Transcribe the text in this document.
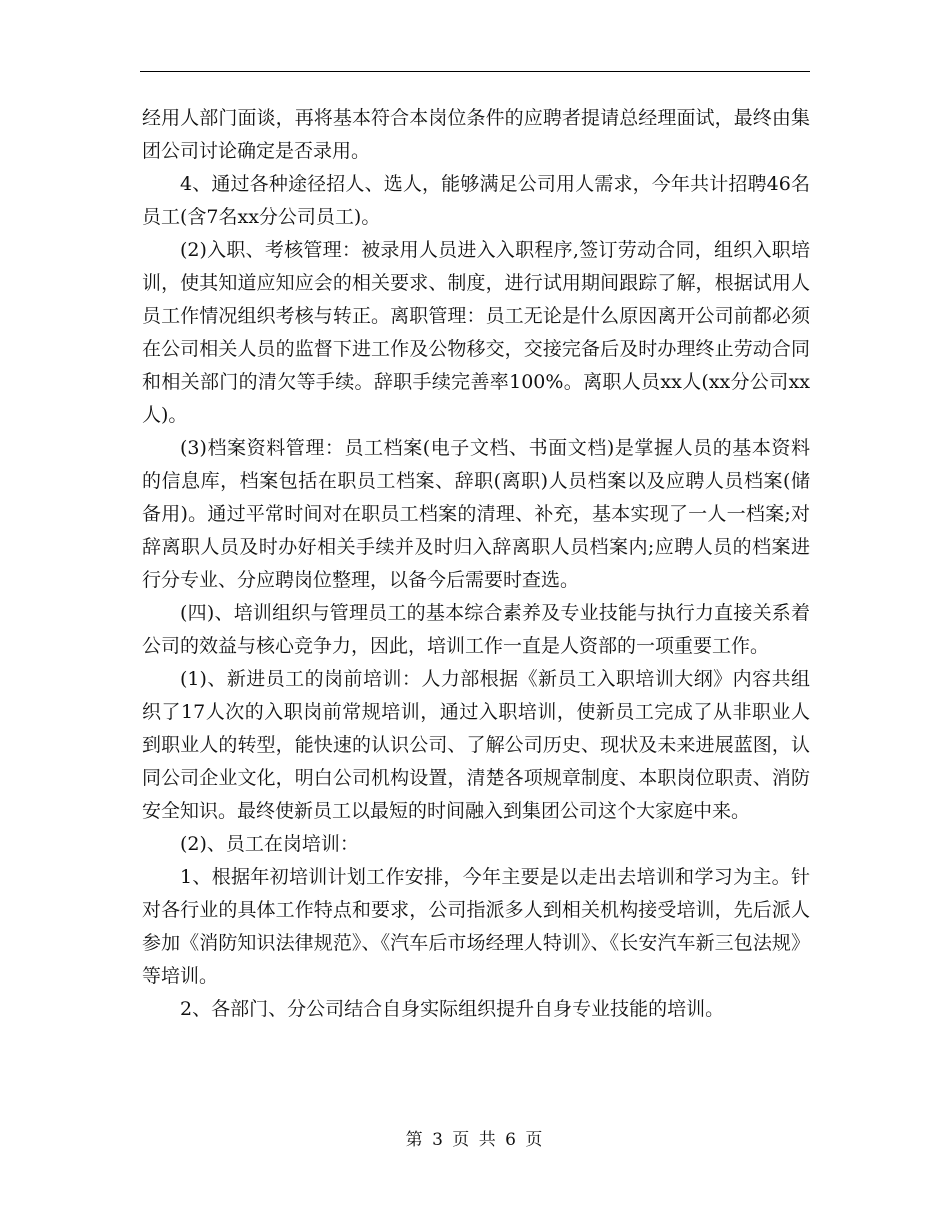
经用人部门面谈，再将基本符合本岗位条件的应聘者提请总经理面试，最终由集团公司讨论确定是否录用。

4、通过各种途径招人、选人，能够满足公司用人需求，今年共计招聘46名员工(含7名xx分公司员工)。

(2)入职、考核管理：被录用人员进入入职程序,签订劳动合同，组织入职培训，使其知道应知应会的相关要求、制度，进行试用期间跟踪了解，根据试用人员工作情况组织考核与转正。离职管理：员工无论是什么原因离开公司前都必须在公司相关人员的监督下进工作及公物移交，交接完备后及时办理终止劳动合同和相关部门的清欠等手续。辞职手续完善率100%。离职人员xx人(xx分公司xx人)。

(3)档案资料管理：员工档案(电子文档、书面文档)是掌握人员的基本资料的信息库，档案包括在职员工档案、辞职(离职)人员档案以及应聘人员档案(储备用)。通过平常时间对在职员工档案的清理、补充，基本实现了一人一档案;对辞离职人员及时办好相关手续并及时归入辞离职人员档案内;应聘人员的档案进行分专业、分应聘岗位整理，以备今后需要时查选。

(四)、培训组织与管理员工的基本综合素养及专业技能与执行力直接关系着公司的效益与核心竞争力，因此，培训工作一直是人资部的一项重要工作。

(1)、新进员工的岗前培训：人力部根据《新员工入职培训大纲》内容共组织了17人次的入职岗前常规培训，通过入职培训，使新员工完成了从非职业人到职业人的转型，能快速的认识公司、了解公司历史、现状及未来进展蓝图，认同公司企业文化，明白公司机构设置，清楚各项规章制度、本职岗位职责、消防安全知识。最终使新员工以最短的时间融入到集团公司这个大家庭中来。

(2)、员工在岗培训：

1、根据年初培训计划工作安排，今年主要是以走出去培训和学习为主。针对各行业的具体工作特点和要求，公司指派多人到相关机构接受培训，先后派人参加《消防知识法律规范》、《汽车后市场经理人特训》、《长安汽车新三包法规》等培训。

2、各部门、分公司结合自身实际组织提升自身专业技能的培训。

第 3 页 共 6 页
